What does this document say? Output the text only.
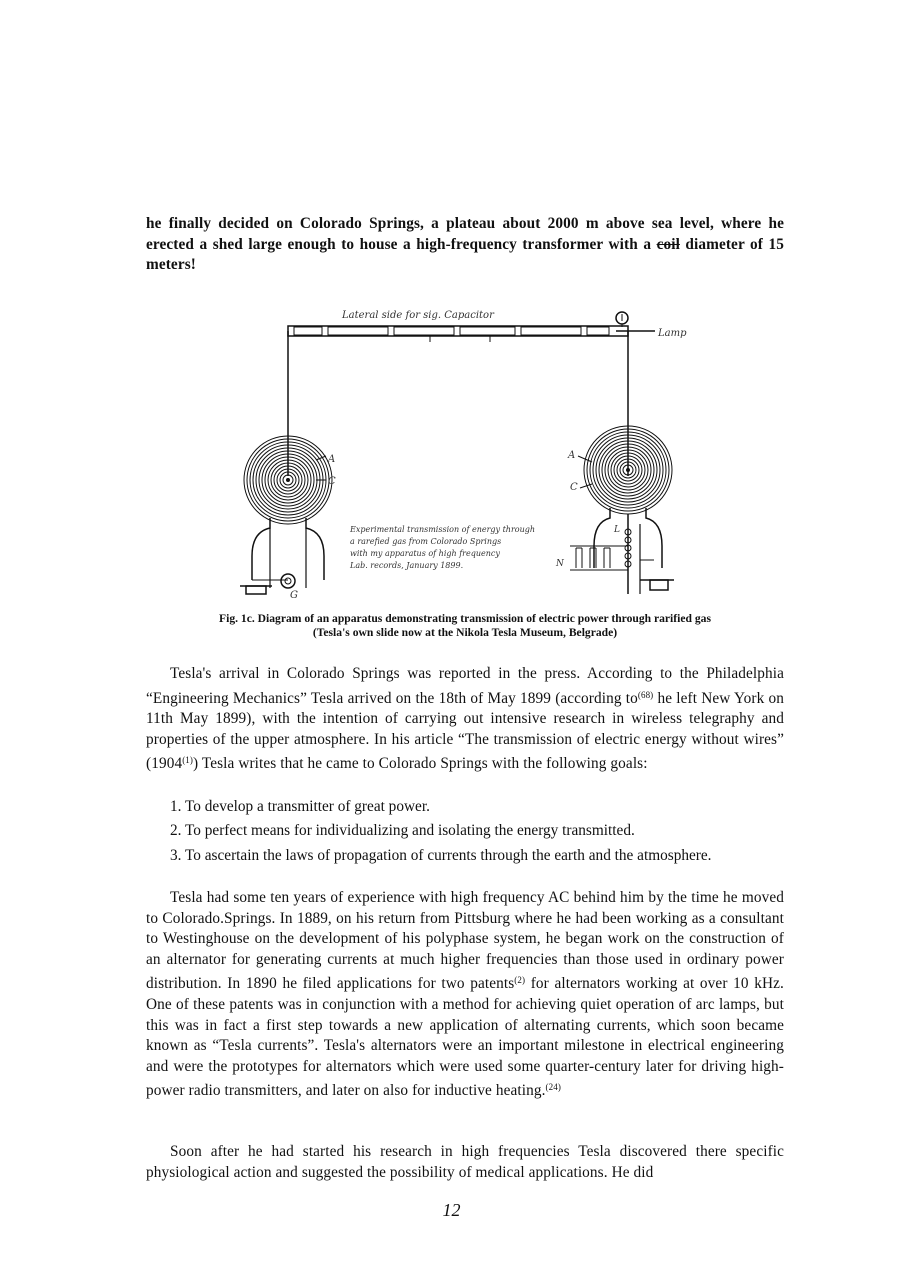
he finally decided on Colorado Springs, a plateau about 2000 m above sea level, where he erected a shed large enough to house a high-frequency transformer with a coil diameter of 15 meters!

Lateral side for sig. Capacitor
Lamp
G
A
C
A
C
L
N
Experimental transmission of energy through
a rarefied gas from Colorado Springs
with my apparatus of high frequency
Lab. records, January 1899.
Fig. 1c. Diagram of an apparatus demonstrating transmission of electric power through rarified gas
(Tesla's own slide now at the Nikola Tesla Museum, Belgrade)

Tesla's arrival in Colorado Springs was reported in the press. According to the Philadelphia “Engineering Mechanics” Tesla arrived on the 18th of May 1899 (according $to^{(68)}$ he left New York on 11th May 1899), with the intention of carrying out intensive research in wireless telegraphy and properties of the upper atmosphere. In his article “The transmission of electric energy without wires” (1904$^{(1)}$) Tesla writes that he came to Colorado Springs with the following goals:

1. To develop a transmitter of great power.

2. To perfect means for individualizing and isolating the energy transmitted.

3. To ascertain the laws of propagation of currents through the earth and the atmosphere.

Tesla had some ten years of experience with high frequency AC behind him by the time he moved to Colorado.Springs. In 1889, on his return from Pittsburg where he had been working as a consultant to Westinghouse on the development of his polyphase system, he began work on the construction of an alternator for generating currents at much higher frequencies than those used in ordinary power distribution. In 1890 he filed applications for two patents$^{(2)}$ for alternators working at over 10 kHz. One of these patents was in conjunction with a method for achieving quiet operation of arc lamps, but this was in fact a first step towards a new application of alternating currents, which soon became known as “Tesla currents”. Tesla's alternators were an important milestone in electrical engineering and were the prototypes for alternators which were used some quarter-century later for driving high-power radio transmitters, and later on also for inductive heating.$^{(24)}$

Soon after he had started his research in high frequencies Tesla discovered there specific physiological action and suggested the possibility of medical applications. He did

12
